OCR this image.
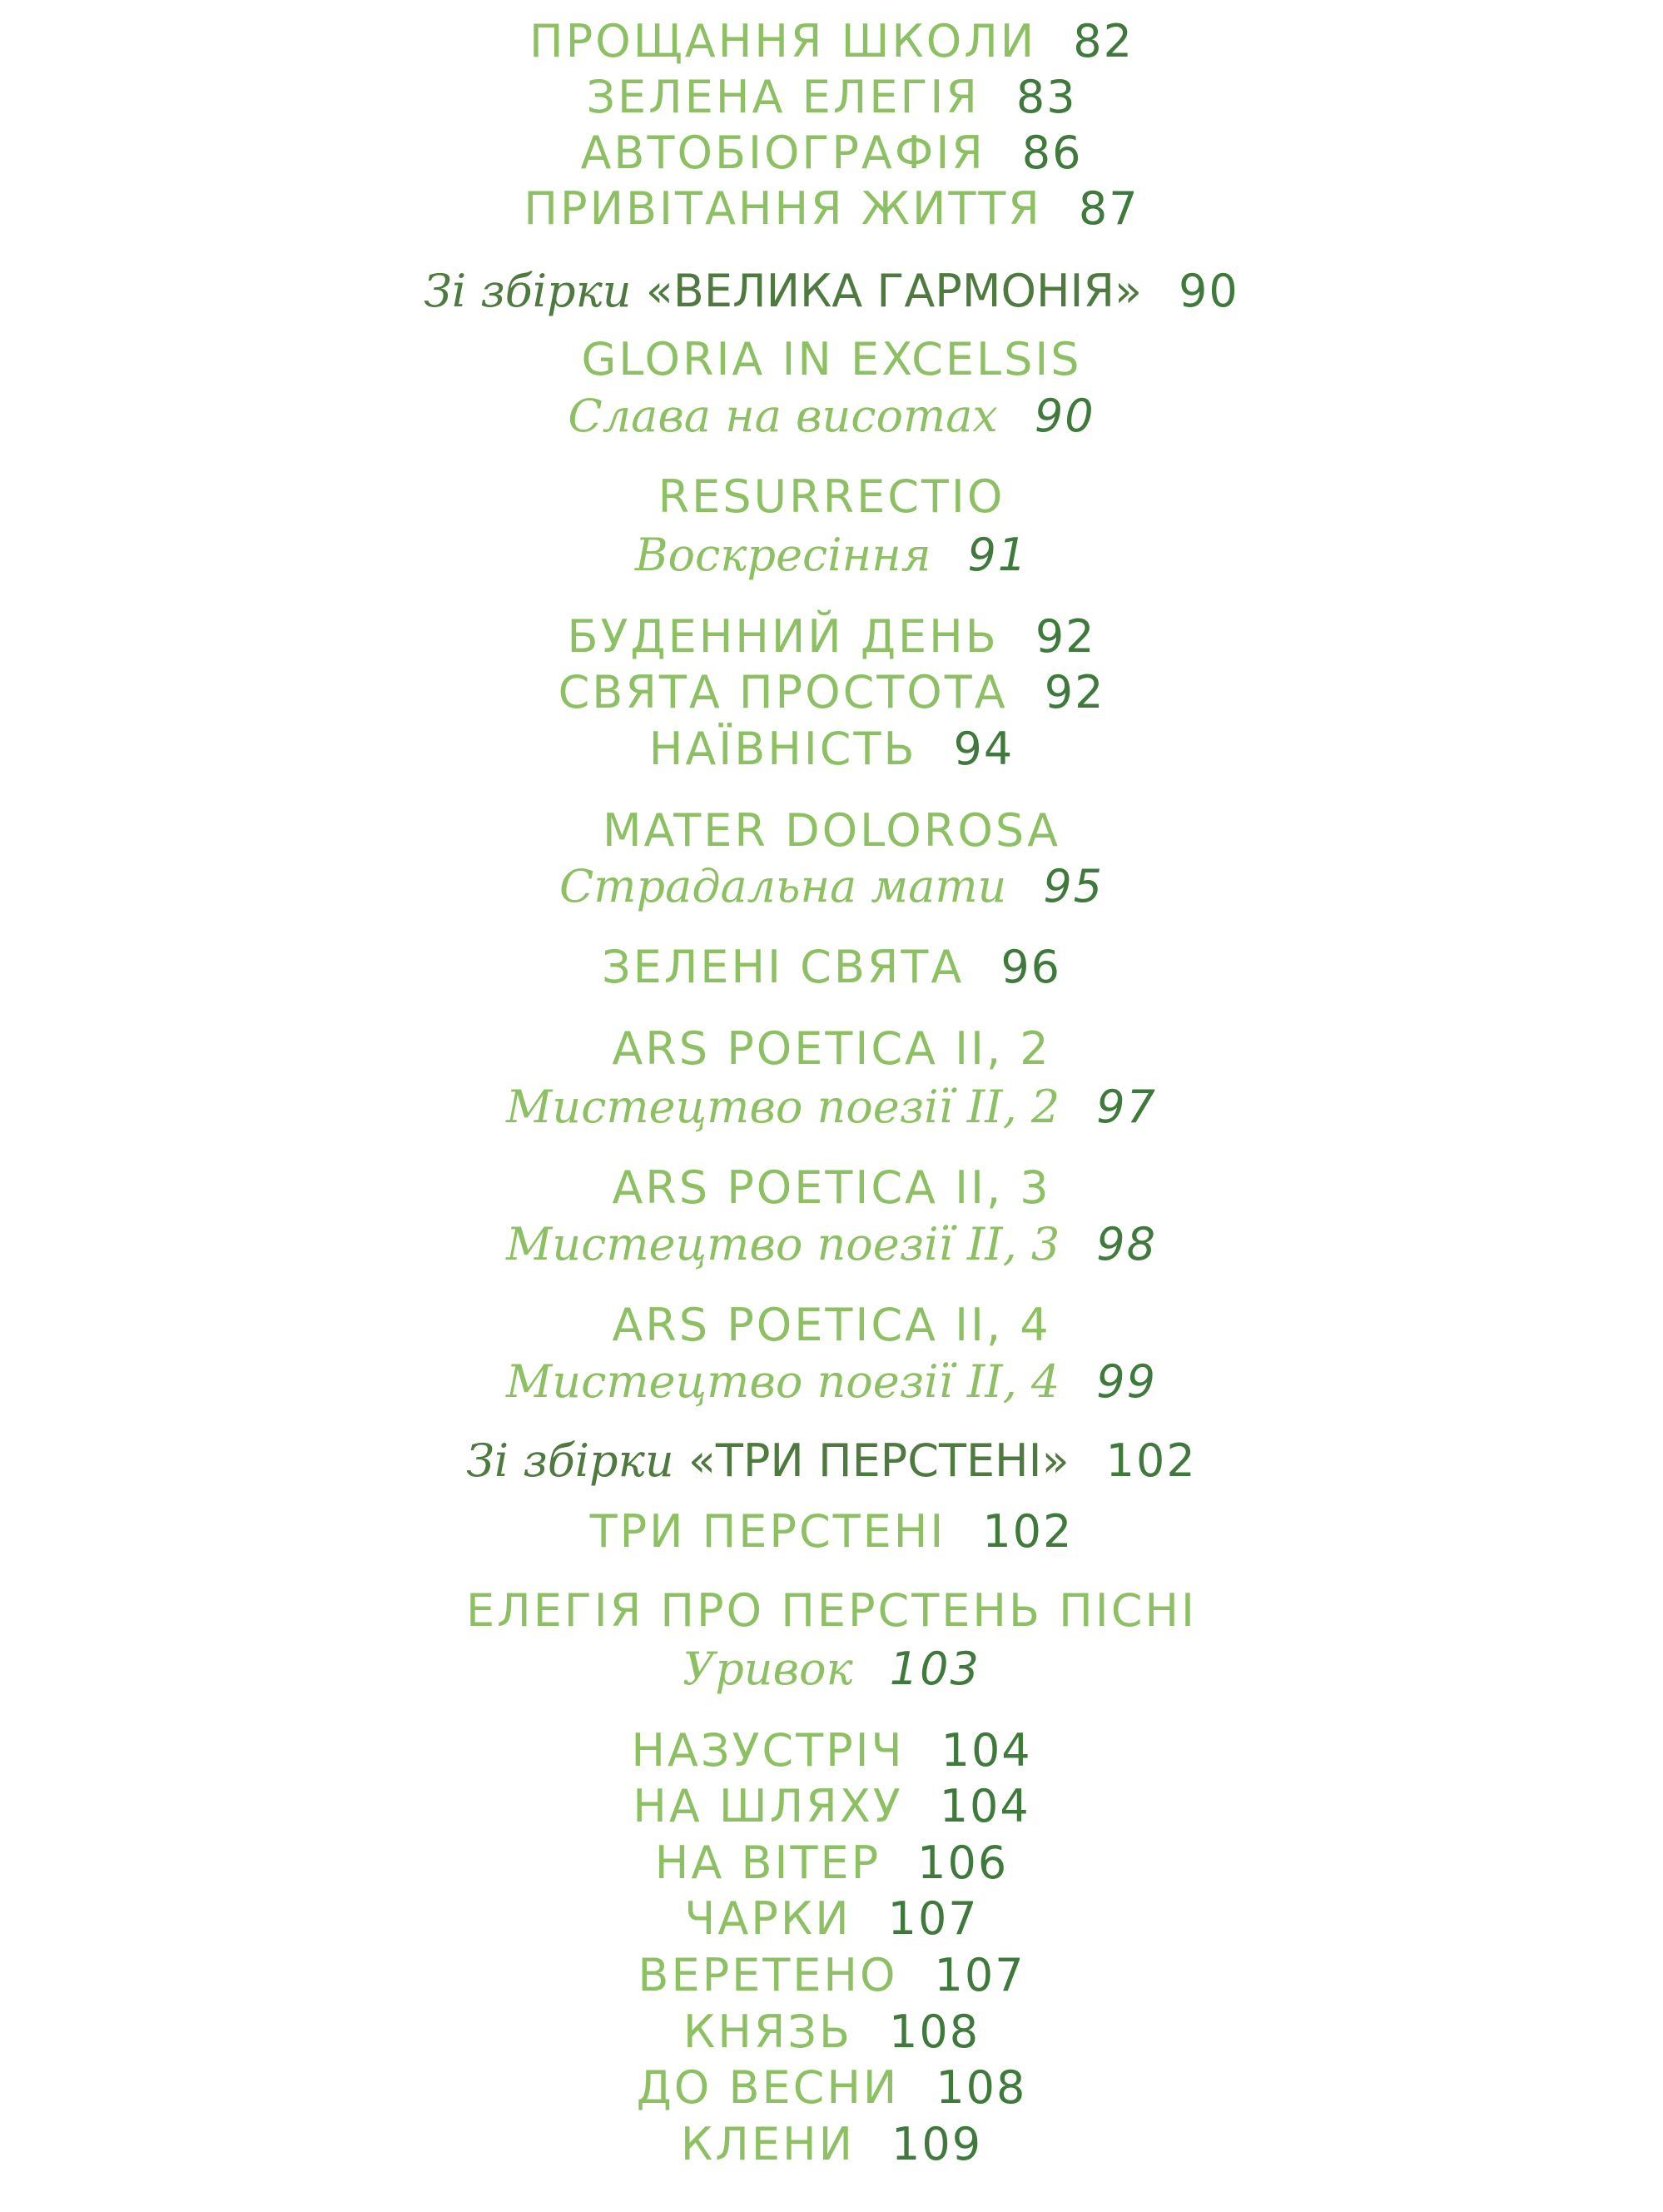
ПРОЩАННЯ ШКОЛИ 82
ЗЕЛЕНА ЕЛЕГІЯ 83
АВТОБІОГРАФІЯ 86
ПРИВІТАННЯ ЖИТТЯ 87
Зі збірки «ВЕЛИКА ГАРМОНІЯ» 90
GLORIA IN EXCELSIS
Слава на висотах 90
RESURRECTIO
Воскресіння 91
БУДЕННИЙ ДЕНЬ 92
СВЯТА ПРОСТОТА 92
НАЇВНІСТЬ 94
MATER DOLOROSA
Страдальна мати 95
ЗЕЛЕНІ СВЯТА 96
ARS POETICA II, 2
Мистецтво поезії II, 2 97
ARS POETICA II, 3
Мистецтво поезії II, 3 98
ARS POETICA II, 4
Мистецтво поезії II, 4 99
Зі збірки «ТРИ ПЕРСТЕНІ» 102
ТРИ ПЕРСТЕНІ 102
ЕЛЕГІЯ ПРО ПЕРСТЕНЬ ПІСНІ
Уривок 103
НАЗУСТРІЧ 104
НА ШЛЯХУ 104
НА ВІТЕР 106
ЧАРКИ 107
ВЕРЕТЕНО 107
КНЯЗЬ 108
ДО ВЕСНИ 108
КЛЕНИ 109
